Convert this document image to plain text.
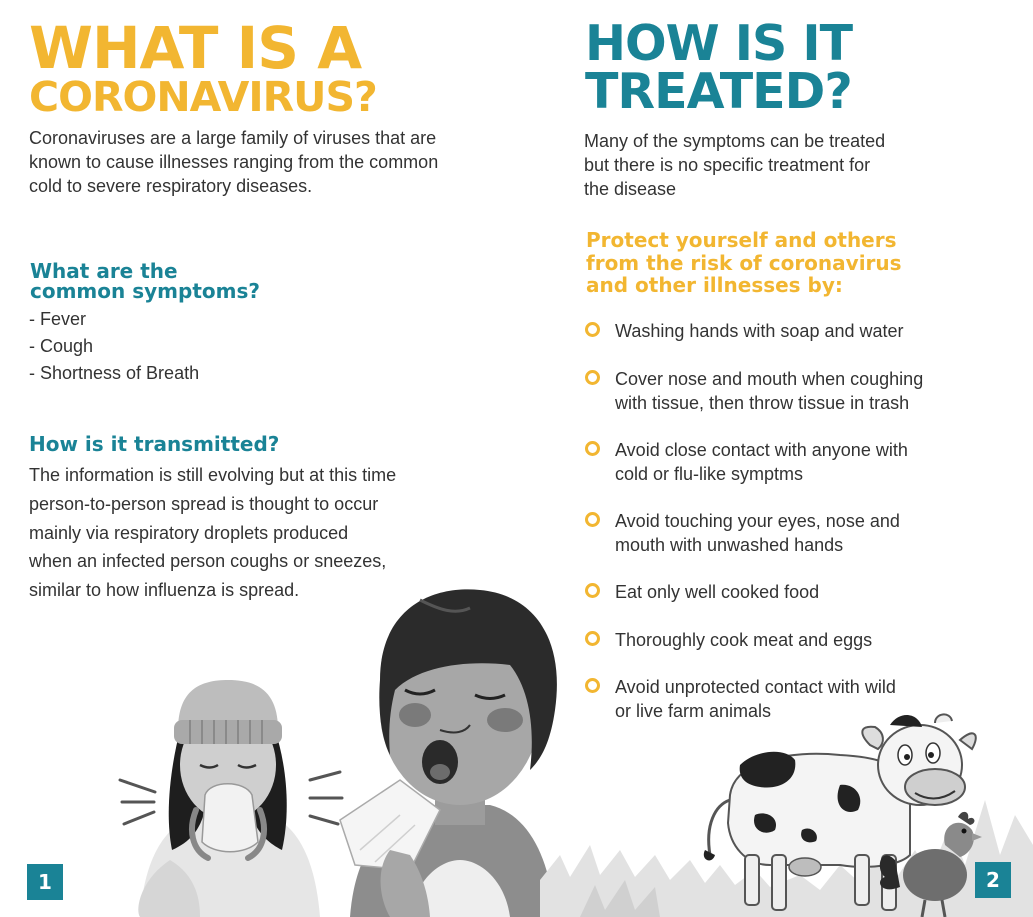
WHAT IS A
CORONAVIRUS?
Coronaviruses are a large family of viruses that are known to cause illnesses ranging from the common cold to severe respiratory diseases.
What are the
common symptoms?
- Fever
- Cough
- Shortness of Breath
How is it transmitted?
The information is still evolving but at this time
person-to-person spread is thought to occur
mainly via respiratory droplets produced
when an infected person coughs or sneezes,
similar to how influenza is spread.
1
HOW IS IT
TREATED?
Many of the symptoms can be treated
but there is no specific treatment for
the disease
Protect yourself and others
from the risk of coronavirus
and other illnesses by:
Washing hands with soap and water
Cover nose and mouth when coughing
with tissue, then throw tissue in trash
Avoid close contact with anyone with
cold or flu-like symptms
Avoid touching your eyes, nose and
mouth with unwashed hands
Eat only well cooked food
Thoroughly cook meat and eggs
Avoid unprotected contact with wild
or live farm animals
2
